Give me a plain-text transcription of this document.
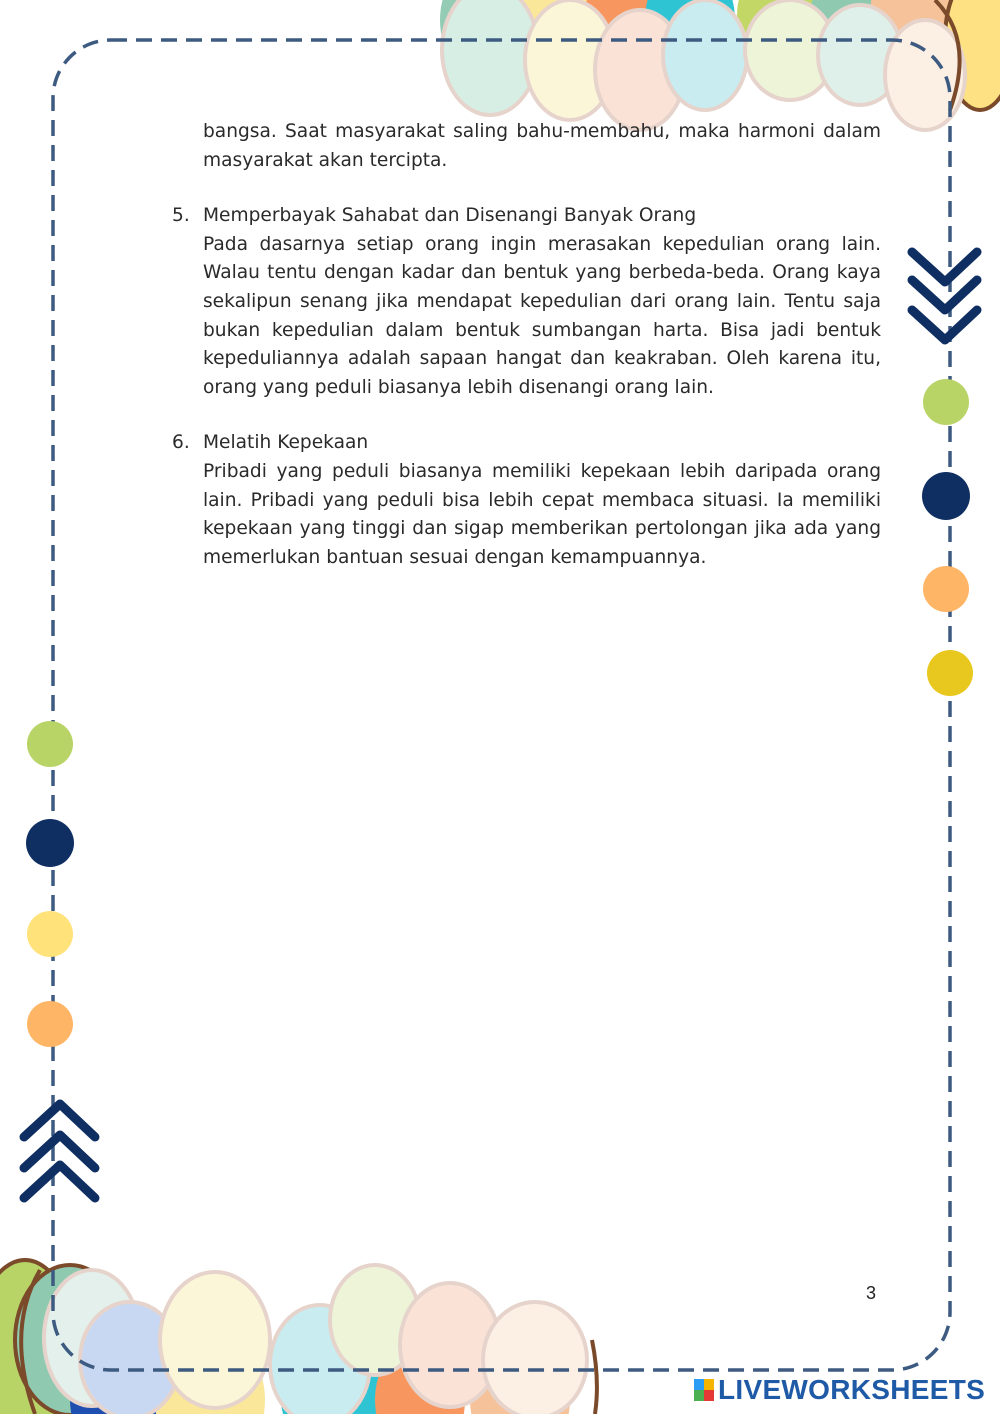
bangsa. Saat masyarakat saling bahu-membahu, maka harmoni dalam masyarakat akan tercipta.
5. Memperbayak Sahabat dan Disenangi Banyak Orang
Pada dasarnya setiap orang ingin merasakan kepedulian orang lain. Walau tentu dengan kadar dan bentuk yang berbeda-beda. Orang kaya sekalipun senang jika mendapat kepedulian dari orang lain. Tentu saja bukan kepedulian dalam bentuk sumbangan harta. Bisa jadi bentuk kepeduliannya adalah sapaan hangat dan keakraban. Oleh karena itu, orang yang peduli biasanya lebih disenangi orang lain.
6. Melatih Kepekaan
Pribadi yang peduli biasanya memiliki kepekaan lebih daripada orang lain. Pribadi yang peduli bisa lebih cepat membaca situasi. Ia memiliki kepekaan yang tinggi dan sigap memberikan pertolongan jika ada yang memerlukan bantuan sesuai dengan kemampuannya.
3
LIVEWORKSHEETS
